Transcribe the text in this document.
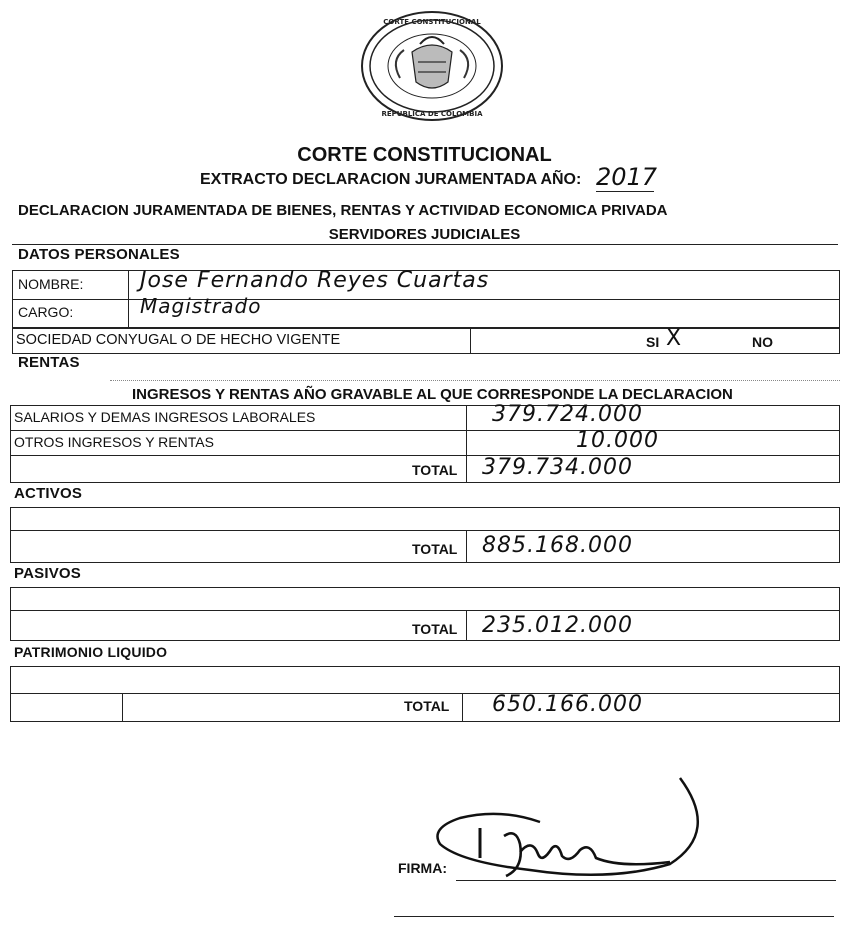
CORTE CONSTITUCIONAL
REPUBLICA DE COLOMBIA
CORTE CONSTITUCIONAL
EXTRACTO DECLARACION JURAMENTADA AÑO: 2017
DECLARACION JURAMENTADA DE BIENES, RENTAS Y ACTIVIDAD ECONOMICA PRIVADA
SERVIDORES JUDICIALES
DATOS PERSONALES
NOMBRE:	Jose Fernando Reyes Cuartas
CARGO:	Magistrado
SOCIEDAD CONYUGAL O DE HECHO VIGENTE	SI X	NO
RENTAS
INGRESOS Y RENTAS AÑO GRAVABLE AL QUE CORRESPONDE LA DECLARACION
SALARIOS Y DEMAS INGRESOS LABORALES	379.724.000
OTROS INGRESOS Y RENTAS	10.000
TOTAL 379.734.000
ACTIVOS
TOTAL 885.168.000
PASIVOS
TOTAL 235.012.000
PATRIMONIO LIQUIDO
TOTAL 650.166.000
FIRMA:
